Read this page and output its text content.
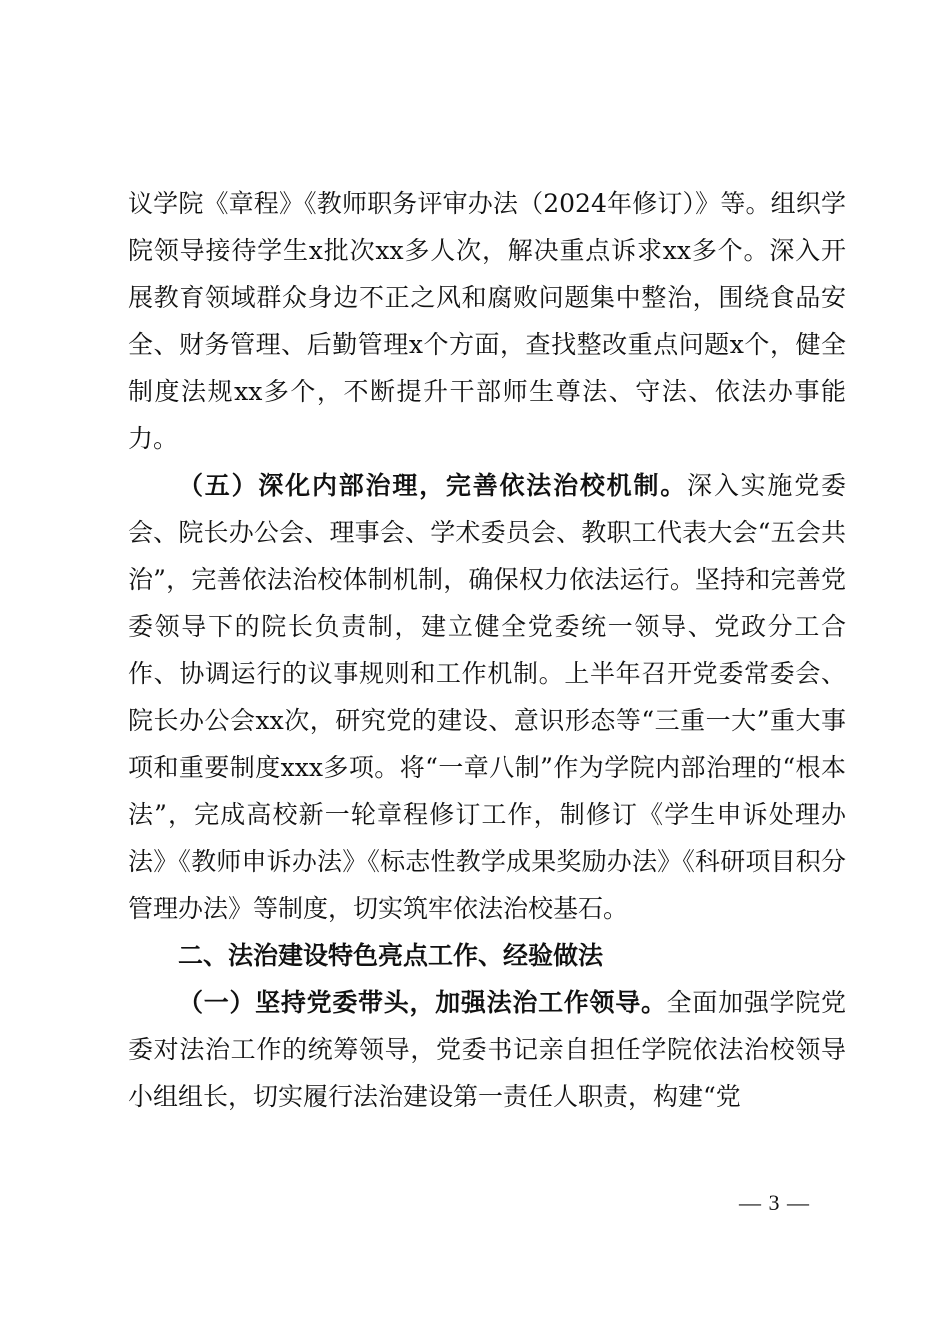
议学院《章程》《教师职务评审办法（2024年修订）》等。组织学院领导接待学生x批次xx多人次，解决重点诉求xx多个。深入开展教育领域群众身边不正之风和腐败问题集中整治，围绕食品安全、财务管理、后勤管理x个方面，查找整改重点问题x个，健全制度法规xx多个，不断提升干部师生尊法、守法、依法办事能力。

（五）深化内部治理，完善依法治校机制。深入实施党委会、院长办公会、理事会、学术委员会、教职工代表大会“五会共治”，完善依法治校体制机制，确保权力依法运行。坚持和完善党委领导下的院长负责制，建立健全党委统一领导、党政分工合作、协调运行的议事规则和工作机制。上半年召开党委常委会、院长办公会xx次，研究党的建设、意识形态等“三重一大”重大事项和重要制度xxx多项。将“一章八制”作为学院内部治理的“根本法”，完成高校新一轮章程修订工作，制修订《学生申诉处理办法》《教师申诉办法》《标志性教学成果奖励办法》《科研项目积分管理办法》等制度，切实筑牢依法治校基石。

二、法治建设特色亮点工作、经验做法

（一）坚持党委带头，加强法治工作领导。全面加强学院党委对法治工作的统筹领导，党委书记亲自担任学院依法治校领导小组组长，切实履行法治建设第一责任人职责，构建“党

— 3 —
